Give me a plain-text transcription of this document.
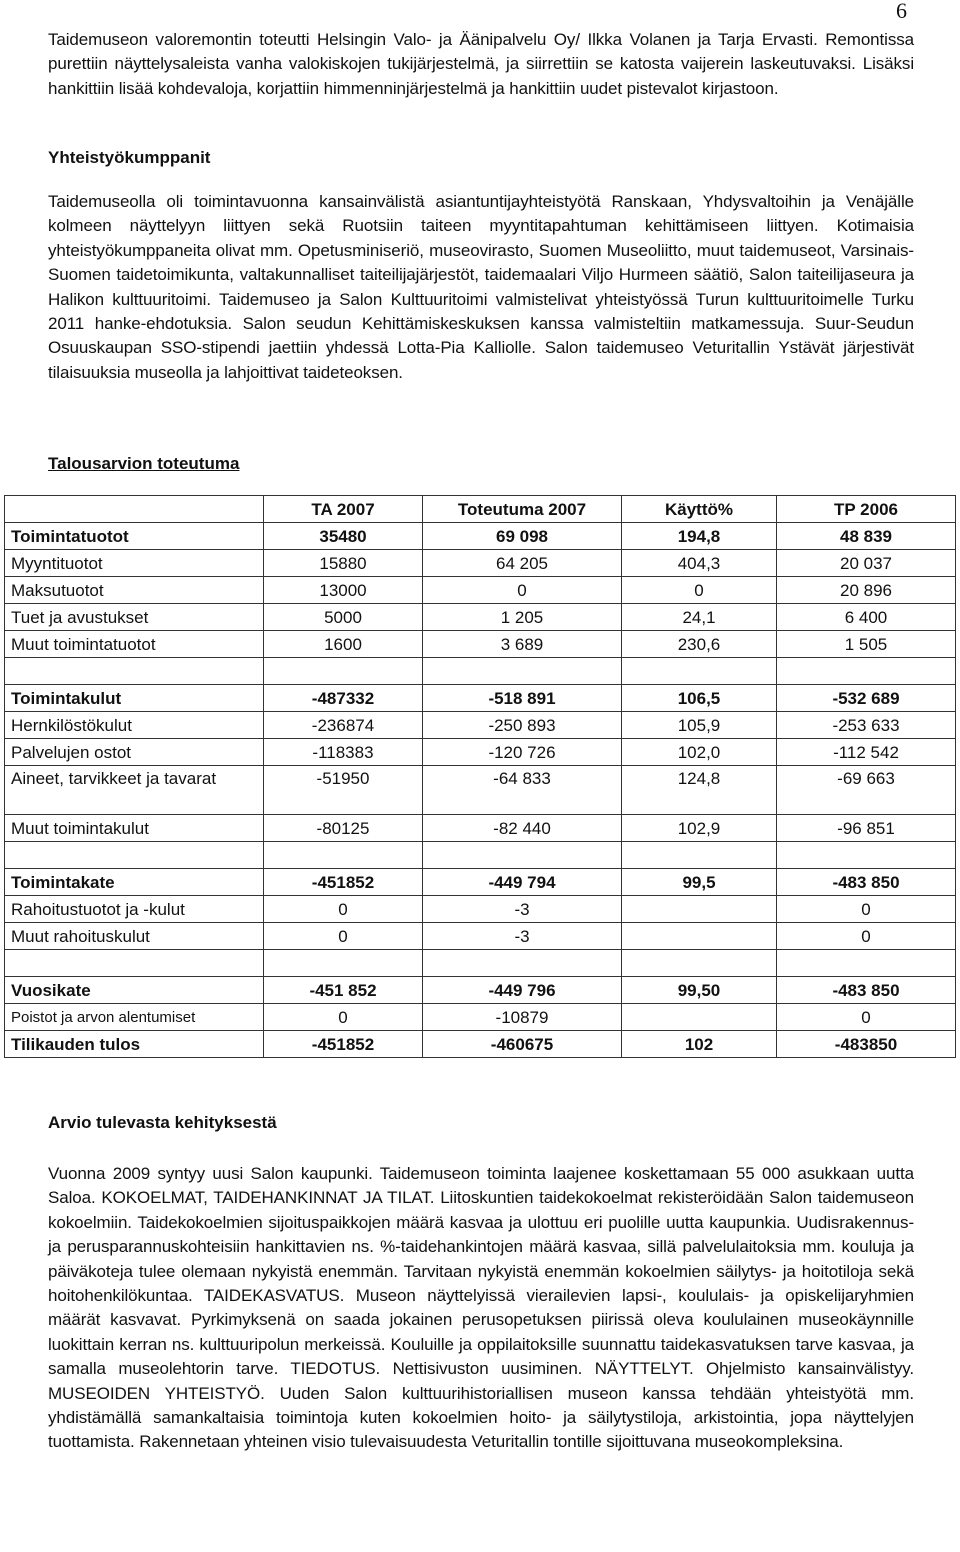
6

Taidemuseon valoremontin toteutti Helsingin Valo- ja Äänipalvelu Oy/ Ilkka Volanen ja Tarja Ervasti. Remontissa purettiin näyttelysaleista vanha valokiskojen tukijärjestelmä, ja siirrettiin se katosta vaijerein laskeutuvaksi. Lisäksi hankittiin lisää kohdevaloja, korjattiin himmenninjärjestelmä ja hankittiin uudet pistevalot kirjastoon.

Yhteistyökumppanit

Taidemuseolla oli toimintavuonna kansainvälistä asiantuntijayhteistyötä Ranskaan, Yhdysvaltoihin ja Venäjälle kolmeen näyttelyyn liittyen sekä Ruotsiin taiteen myyntitapahtuman kehittämiseen liittyen. Kotimaisia yhteistyökumppaneita olivat mm. Opetusminiseriö, museovirasto, Suomen Museoliitto, muut taidemuseot, Varsinais-Suomen taidetoimikunta, valtakunnalliset taiteilijajärjestöt, taidemaalari Viljo Hurmeen säätiö, Salon taiteilijaseura ja Halikon kulttuuritoimi. Taidemuseo ja Salon Kulttuuritoimi valmistelivat yhteistyössä Turun kulttuuritoimelle Turku 2011 hanke-ehdotuksia. Salon seudun Kehittämiskeskuksen kanssa valmisteltiin matkamessuja. Suur-Seudun Osuuskaupan SSO-stipendi jaettiin yhdessä Lotta-Pia Kalliolle. Salon taidemuseo Veturitallin Ystävät järjestivät tilaisuuksia museolla ja lahjoittivat taideteoksen.

Talousarvion toteutuma

	TA 2007	Toteutuma 2007	Käyttö%	TP 2006
Toimintatuotot	35480	69 098	194,8	48 839
Myyntituotot	15880	64 205	404,3	20 037
Maksutuotot	13000	0	0	20 896
Tuet ja avustukset	5000	1 205	24,1	6 400
Muut toimintatuotot	1600	3 689	230,6	1 505

Toimintakulut	-487332	-518 891	106,5	-532 689
Hernkilöstökulut	-236874	-250 893	105,9	-253 633
Palvelujen ostot	-118383	-120 726	102,0	-112 542
Aineet, tarvikkeet ja tavarat	-51950	-64 833	124,8	-69 663
Muut toimintakulut	-80125	-82 440	102,9	-96 851

Toimintakate	-451852	-449 794	99,5	-483 850
Rahoitustuotot ja -kulut	0	-3		0
Muut rahoituskulut	0	-3		0

Vuosikate	-451 852	-449 796	99,50	-483 850
Poistot ja arvon alentumiset	0	-10879		0
Tilikauden tulos	-451852	-460675	102	-483850

Arvio tulevasta kehityksestä

Vuonna 2009 syntyy uusi Salon kaupunki. Taidemuseon toiminta laajenee koskettamaan 55 000 asukkaan uutta Saloa. KOKOELMAT, TAIDEHANKINNAT JA TILAT. Liitoskuntien taidekokoelmat rekisteröidään Salon taidemuseon kokoelmiin. Taidekokoelmien sijoituspaikkojen määrä kasvaa ja ulottuu eri puolille uutta kaupunkia. Uudisrakennus- ja perusparannuskohteisiin hankittavien ns. %-taidehankintojen määrä kasvaa, sillä palvelulaitoksia mm. kouluja ja päiväkoteja tulee olemaan nykyistä enemmän. Tarvitaan nykyistä enemmän kokoelmien säilytys- ja hoitotiloja sekä hoitohenkilökuntaa. TAIDEKASVATUS. Museon näyttelyissä vierailevien lapsi-, koululais- ja opiskelijaryhmien määrät kasvavat. Pyrkimyksenä on saada jokainen perusopetuksen piirissä oleva koululainen museokäynnille luokittain kerran ns. kulttuuripolun merkeissä. Kouluille ja oppilaitoksille suunnattu taidekasvatuksen tarve kasvaa, ja samalla museolehtorin tarve. TIEDOTUS. Nettisivuston uusiminen. NÄYTTELYT. Ohjelmisto kansainvälistyy. MUSEOIDEN YHTEISTYÖ. Uuden Salon kulttuurihistoriallisen museon kanssa tehdään yhteistyötä mm. yhdistämällä samankaltaisia toimintoja kuten kokoelmien hoito- ja säilytystiloja, arkistointia, jopa näyttelyjen tuottamista. Rakennetaan yhteinen visio tulevaisuudesta Veturitallin tontille sijoittuvana museokompleksina.
